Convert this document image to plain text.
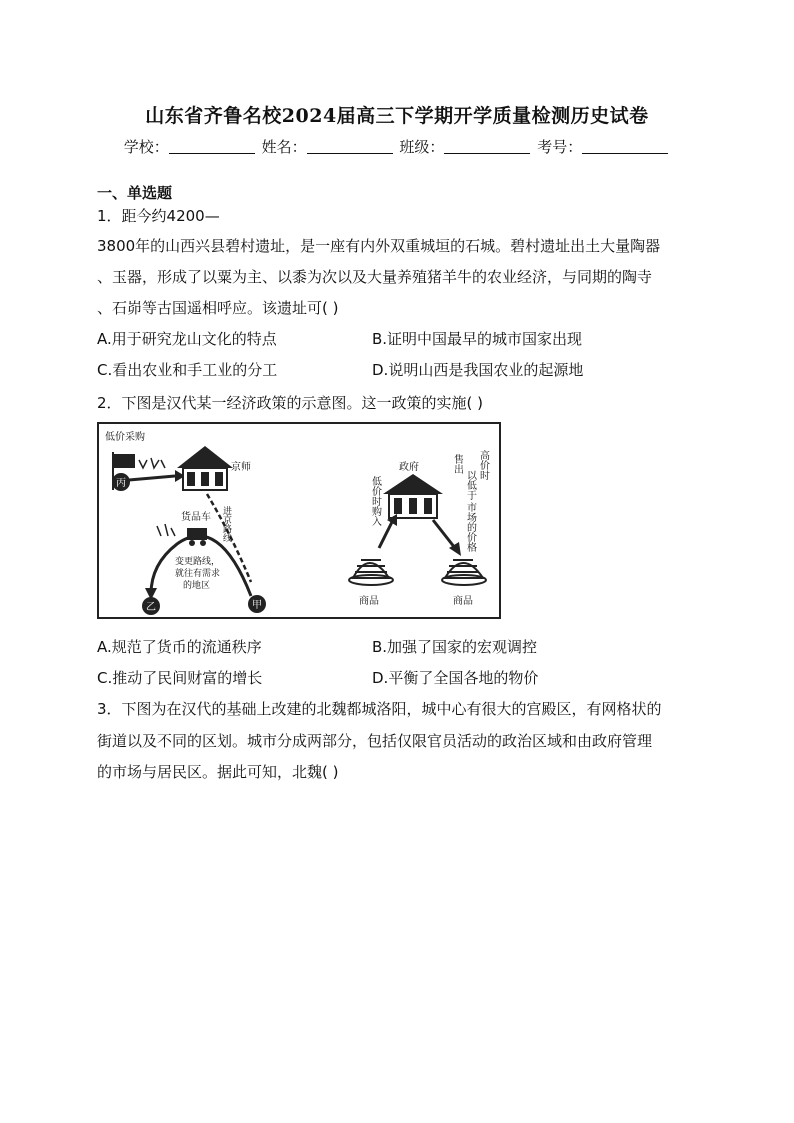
山东省齐鲁名校2024届高三下学期开学质量检测历史试卷
学校：	姓名：	班级：	考号：
一、单选题
1．距今约4200—
3800年的山西兴县碧村遗址，是一座有内外双重城垣的石城。碧村遗址出土大量陶器
、玉器，形成了以粟为主、以黍为次以及大量养殖猪羊牛的农业经济，与同期的陶寺
、石峁等古国遥相呼应。该遗址可( )
A.用于研究龙山文化的特点	B.证明中国最早的城市国家出现
C.看出农业和手工业的分工	D.说明山西是我国农业的起源地
2．下图是汉代某一经济政策的示意图。这一政策的实施( )
低价采购
丙
京师
进京路线
货品车
变更路线，
就往有需求
的地区
乙	甲
政府
低价时购入
高价时
以低于
市场的价格
售出
商品	商品
A.规范了货币的流通秩序	B.加强了国家的宏观调控
C.推动了民间财富的增长	D.平衡了全国各地的物价
3．下图为在汉代的基础上改建的北魏都城洛阳，城中心有很大的宫殿区，有网格状的
街道以及不同的区划。城市分成两部分，包括仅限官员活动的政治区域和由政府管理
的市场与居民区。据此可知，北魏( )
